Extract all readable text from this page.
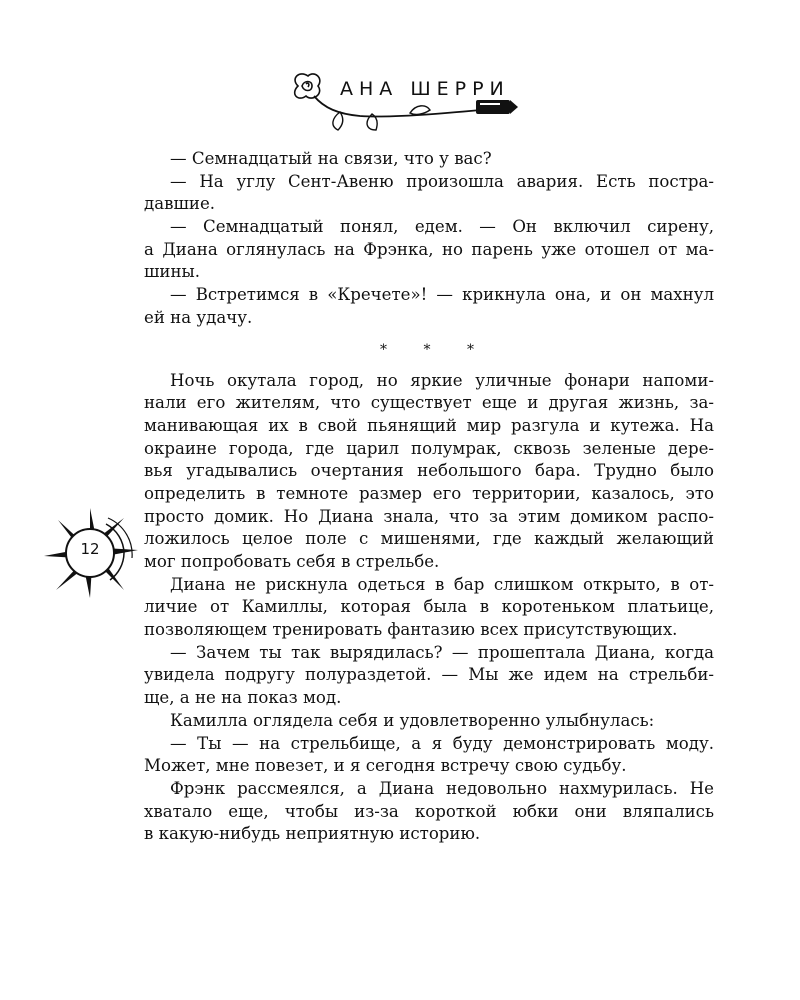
АНА ШЕРРИ
— Семнадцатый на связи, что у вас?
— На углу Сент-Авеню произошла авария. Есть постра-
давшие.
— Семнадцатый понял, едем. — Он включил сирену,
а Диана оглянулась на Фрэнка, но парень уже отошел от ма-
шины.
— Встретимся в «Кречете»! — крикнула она, и он махнул
ей на удачу.
* * *
Ночь окутала город, но яркие уличные фонари напоми-
нали его жителям, что существует еще и другая жизнь, за-
манивающая их в свой пьянящий мир разгула и кутежа. На
окраине города, где царил полумрак, сквозь зеленые дере-
вья угадывались очертания небольшого бара. Трудно было
определить в темноте размер его территории, казалось, это
просто домик. Но Диана знала, что за этим домиком распо-
ложилось целое поле с мишенями, где каждый желающий
мог попробовать себя в стрельбе.
Диана не рискнула одеться в бар слишком открыто, в от-
личие от Камиллы, которая была в коротеньком платьице,
позволяющем тренировать фантазию всех присутствующих.
— Зачем ты так вырядилась? — прошептала Диана, когда
увидела подругу полураздетой. — Мы же идем на стрельби-
ще, а не на показ мод.
Камилла оглядела себя и удовлетворенно улыбнулась:
— Ты — на стрельбище, а я буду демонстрировать моду.
Может, мне повезет, и я сегодня встречу свою судьбу.
Фрэнк рассмеялся, а Диана недовольно нахмурилась. Не
хватало еще, чтобы из-за короткой юбки они вляпались
в какую-нибудь неприятную историю.
12
